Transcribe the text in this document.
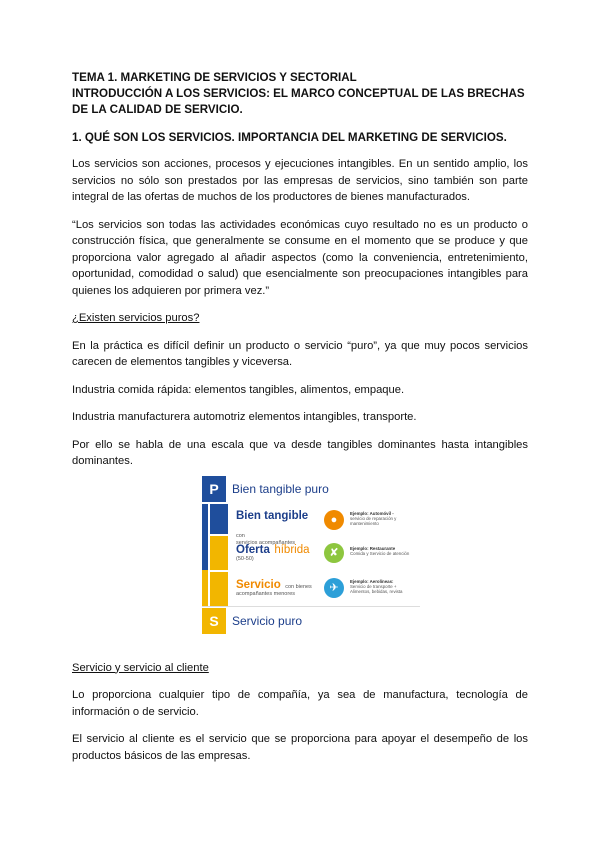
TEMA 1. MARKETING DE SERVICIOS Y SECTORIAL
INTRODUCCIÓN A LOS SERVICIOS: EL MARCO CONCEPTUAL DE LAS BRECHAS DE LA CALIDAD DE SERVICIO.
1. QUÉ SON LOS SERVICIOS. IMPORTANCIA DEL MARKETING DE SERVICIOS.

Los servicios son acciones, procesos y ejecuciones intangibles. En un sentido amplio, los servicios no sólo son prestados por las empresas de servicios, sino también son parte integral de las ofertas de muchos de los productores de bienes manufacturados.

“Los servicios son todas las actividades económicas cuyo resultado no es un producto o construcción física, que generalmente se consume en el momento que se produce y que proporciona valor agregado al añadir aspectos (como la conveniencia, entretenimiento, oportunidad, comodidad o salud) que esencialmente son preocupaciones intangibles para quienes los adquieren por primera vez.”

¿Existen servicios puros?

En la práctica es difícil definir un producto o servicio “puro”, ya que muy pocos servicios carecen de elementos tangibles y viceversa.

Industria comida rápida: elementos tangibles, alimentos, empaque.

Industria manufacturera automotriz elementos intangibles, transporte.

Por ello se habla de una escala que va desde tangibles dominantes hasta intangibles dominantes.

P	Bien tangible puro
Bien tangible con
servicios acompañantes
●
Ejemplo: Automóvil -
servicio de reparación y mantenimiento
Oferta híbrida
(50-50)	✘	Ejemplo: Restaurante
Comida y Servicio de atención
Servicio con bienes
acompañantes menores	✈
Ejemplo: Aerolíneas:
Servicio de transporte + Alimentos, bebidas, revista
S	Servicio puro

Servicio y servicio al cliente

Lo proporciona cualquier tipo de compañía, ya sea de manufactura, tecnología de información o de servicio.

El servicio al cliente es el servicio que se proporciona para apoyar el desempeño de los productos básicos de las empresas.
